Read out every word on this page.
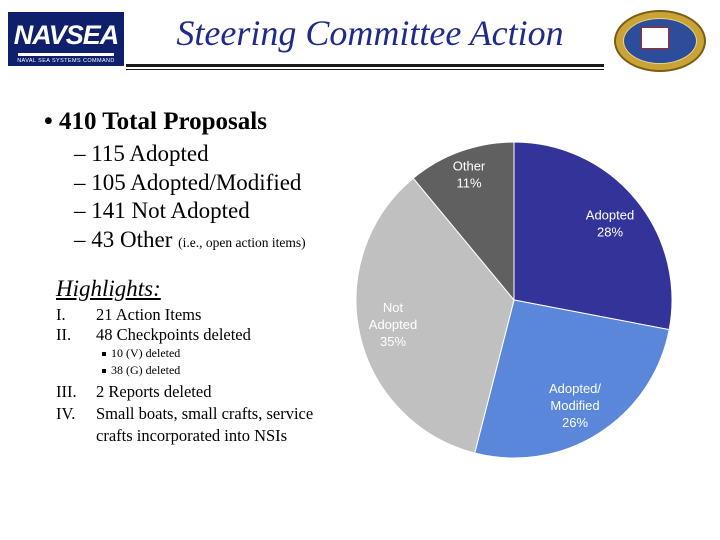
NAVSEA
NAVAL SEA SYSTEMS COMMAND
Steering Committee Action
• 410 Total Proposals
– 115 Adopted
– 105 Adopted/Modified
– 141 Not Adopted
– 43 Other (i.e., open action items)
Highlights:
I. 21 Action Items
II. 48 Checkpoints deleted
10 (V) deleted
38 (G) deleted
III. 2 Reports deleted
IV. Small boats, small crafts, service
crafts incorporated into NSIs
Adopted 28%
Adopted/ Modified 26%
Not Adopted 35%
Other 11%
